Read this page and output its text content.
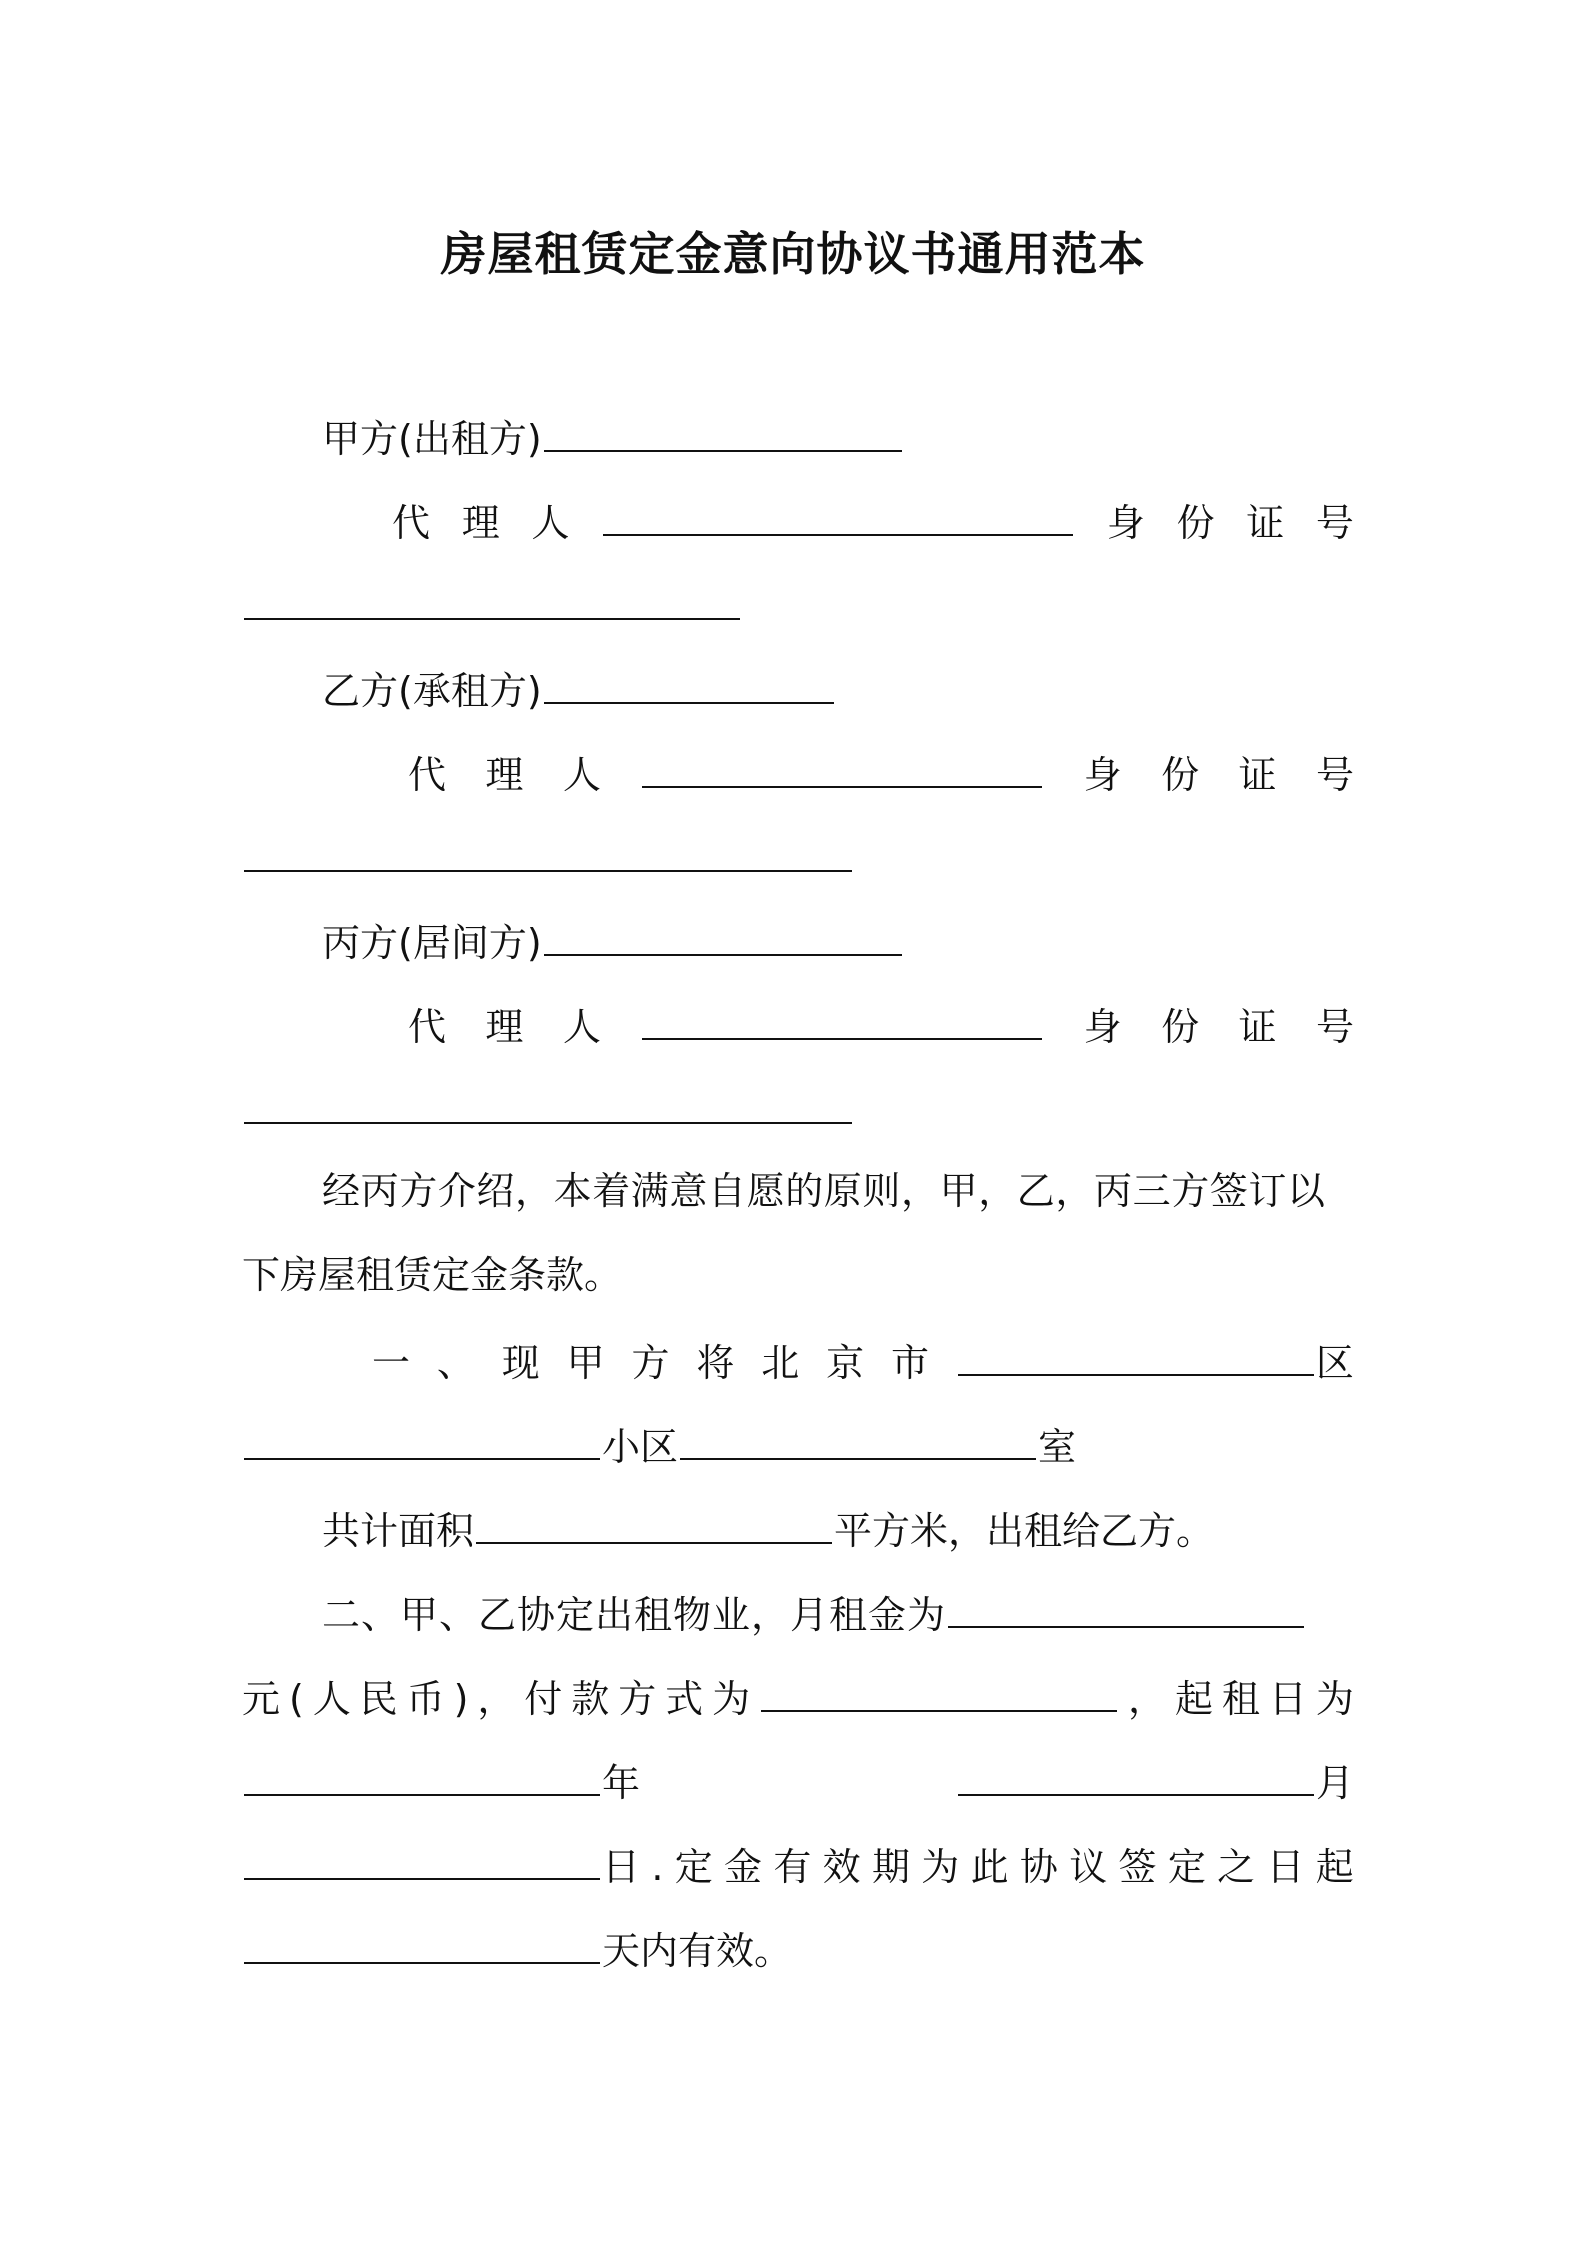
房屋租赁定金意向协议书通用范本
甲方(出租方)
代 理 人	身 份 证 号
乙方(承租方)
代 理 人	身 份 证 号
丙方(居间方)
代 理 人	身 份 证 号
经丙方介绍，本着满意自愿的原则，甲，乙，丙三方签订以
下房屋租赁定金条款。
一 、 现 甲 方 将 北 京 市	区
小区	室
共计面积	平方米，出租给乙方。
二、甲、乙协定出租物业，月租金为
元 ( 人 民 币 ) ， 付 款 方 式 为	， 起 租 日 为
年	月
日 . 定 金 有 效 期 为 此 协 议 签 定 之 日 起
天内有效。
